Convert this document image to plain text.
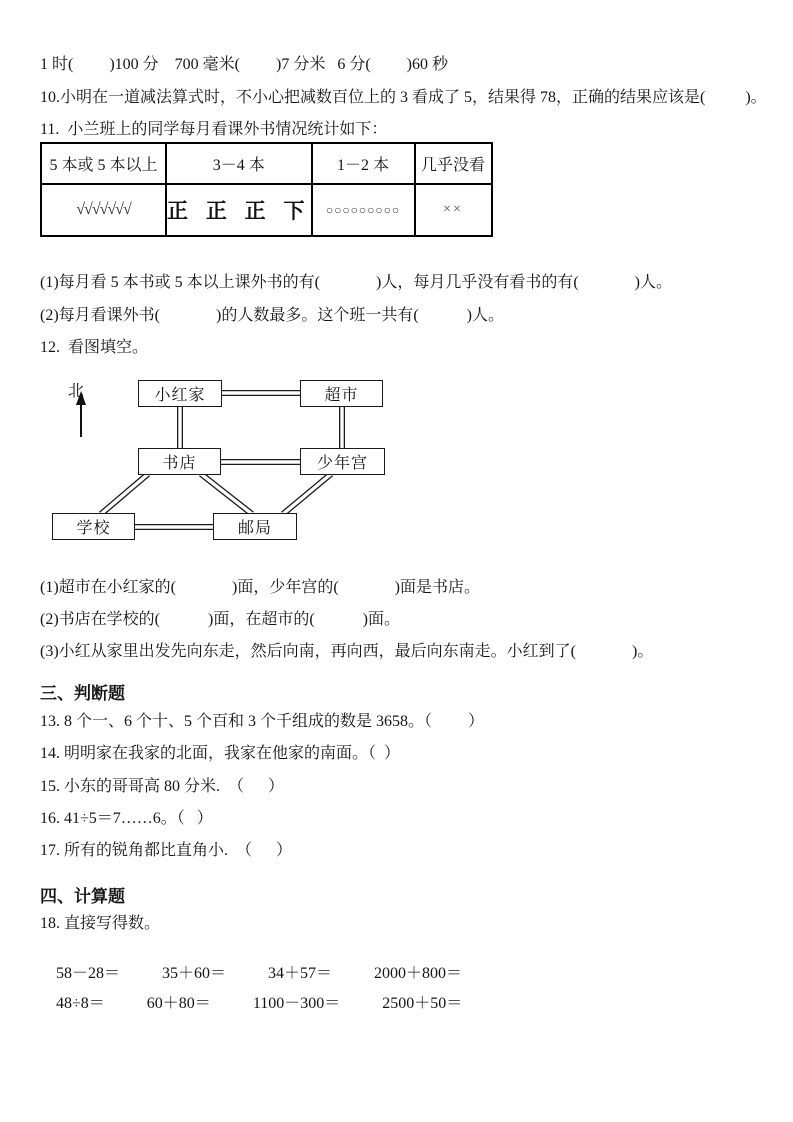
1 时(         )100 分    700 毫米(         )7 分米   6 分(         )60 秒
10.小明在一道减法算式时，不小心把减数百位上的 3 看成了 5，结果得 78，正确的结果应该是(          )。
11.  小兰班上的同学每月看课外书情况统计如下：
5 本或 5 本以上	3－4 本	1－2 本	几乎没看
√√√√√√√	正 正 正 下	○○○○○○○○○	××
(1)每月看 5 本书或 5 本以上课外书的有(              )人，每月几乎没有看书的有(              )人。
(2)每月看课外书(              )的人数最多。这个班一共有(            )人。
12.  看图填空。
北	小红家	超市
书店	少年宫
学校	邮局
(1)超市在小红家的(              )面，少年宫的(              )面是书店。
(2)书店在学校的(            )面，在超市的(            )面。
(3)小红从家里出发先向东走，然后向南，再向西，最后向东南走。小红到了(              )。
三、判断题
13. 8 个一、6 个十、5 个百和 3 个千组成的数是 3658。（         ）
14. 明明家在我家的北面，我家在他家的南面。（  ）
15. 小东的哥哥高 80 分米.  （      ）
16. 41÷5＝7……6。（   ）
17. 所有的锐角都比直角小.  （      ）
四、计算题
18. 直接写得数。

58－28＝	35＋60＝	34＋57＝	2000＋800＝

48÷8＝	60＋80＝	1100－300＝	2500＋50＝
